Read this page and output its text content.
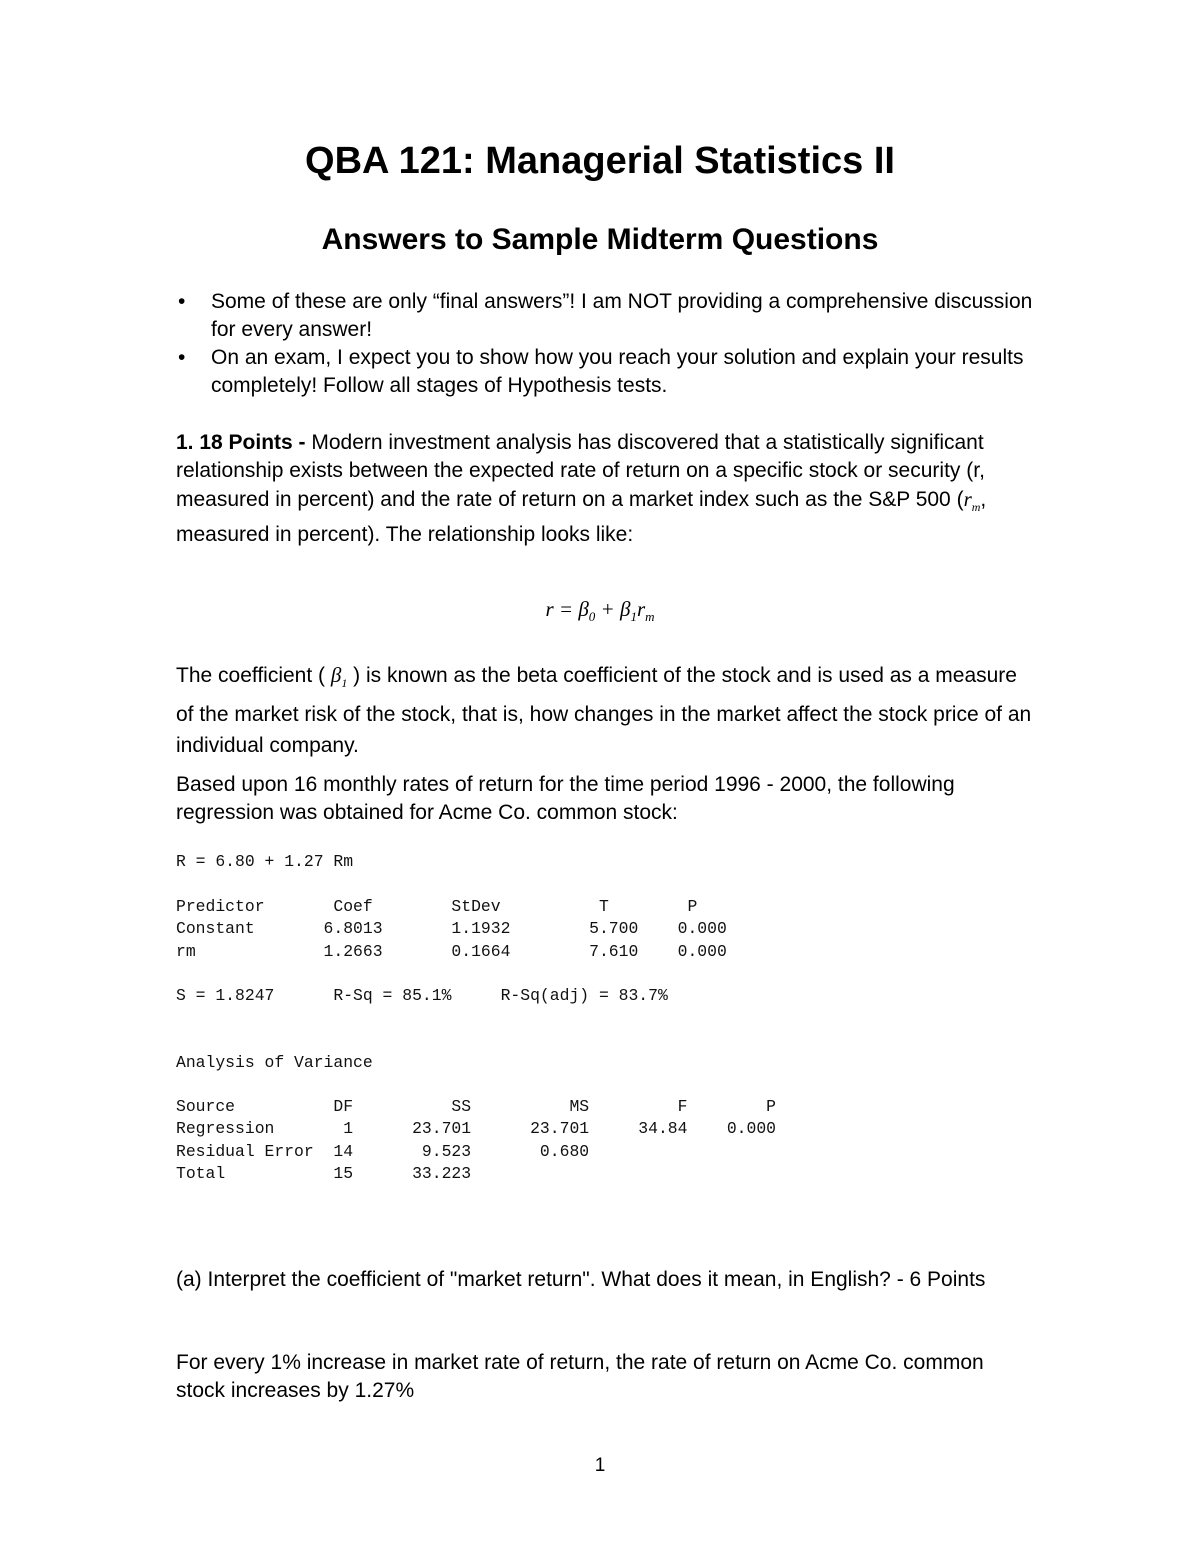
QBA 121: Managerial Statistics II
Answers to Sample Midterm Questions
• Some of these are only “final answers”! I am NOT providing a comprehensive discussion for every answer!
• On an exam, I expect you to show how you reach your solution and explain your results completely! Follow all stages of Hypothesis tests.

1. 18 Points - Modern investment analysis has discovered that a statistically significant relationship exists between the expected rate of return on a specific stock or security (r, measured in percent) and the rate of return on a market index such as the S&P 500 ($r_m$, measured in percent). The relationship looks like:

$r = \beta_0 + \beta_1r_m$

The coefficient ( $\beta_1$ ) is known as the beta coefficient of the stock and is used as a measure of the market risk of the stock, that is, how changes in the market affect the stock price of an individual company.

Based upon 16 monthly rates of return for the time period 1996 - 2000, the following regression was obtained for Acme Co. common stock:

R = 6.80 + 1.27 Rm
Predictor       Coef        StDev          T        P
Constant       6.8013       1.1932        5.700    0.000
rm             1.2663       0.1664        7.610    0.000
S = 1.8247      R-Sq = 85.1%     R-Sq(adj) = 83.7%
Analysis of Variance
Source          DF          SS          MS         F        P
Regression       1      23.701      23.701     34.84    0.000
Residual Error  14       9.523       0.680
Total           15      33.223

(a) Interpret the coefficient of "market return". What does it mean, in English? - 6 Points

For every 1% increase in market rate of return, the rate of return on Acme Co. common stock increases by 1.27%

1
